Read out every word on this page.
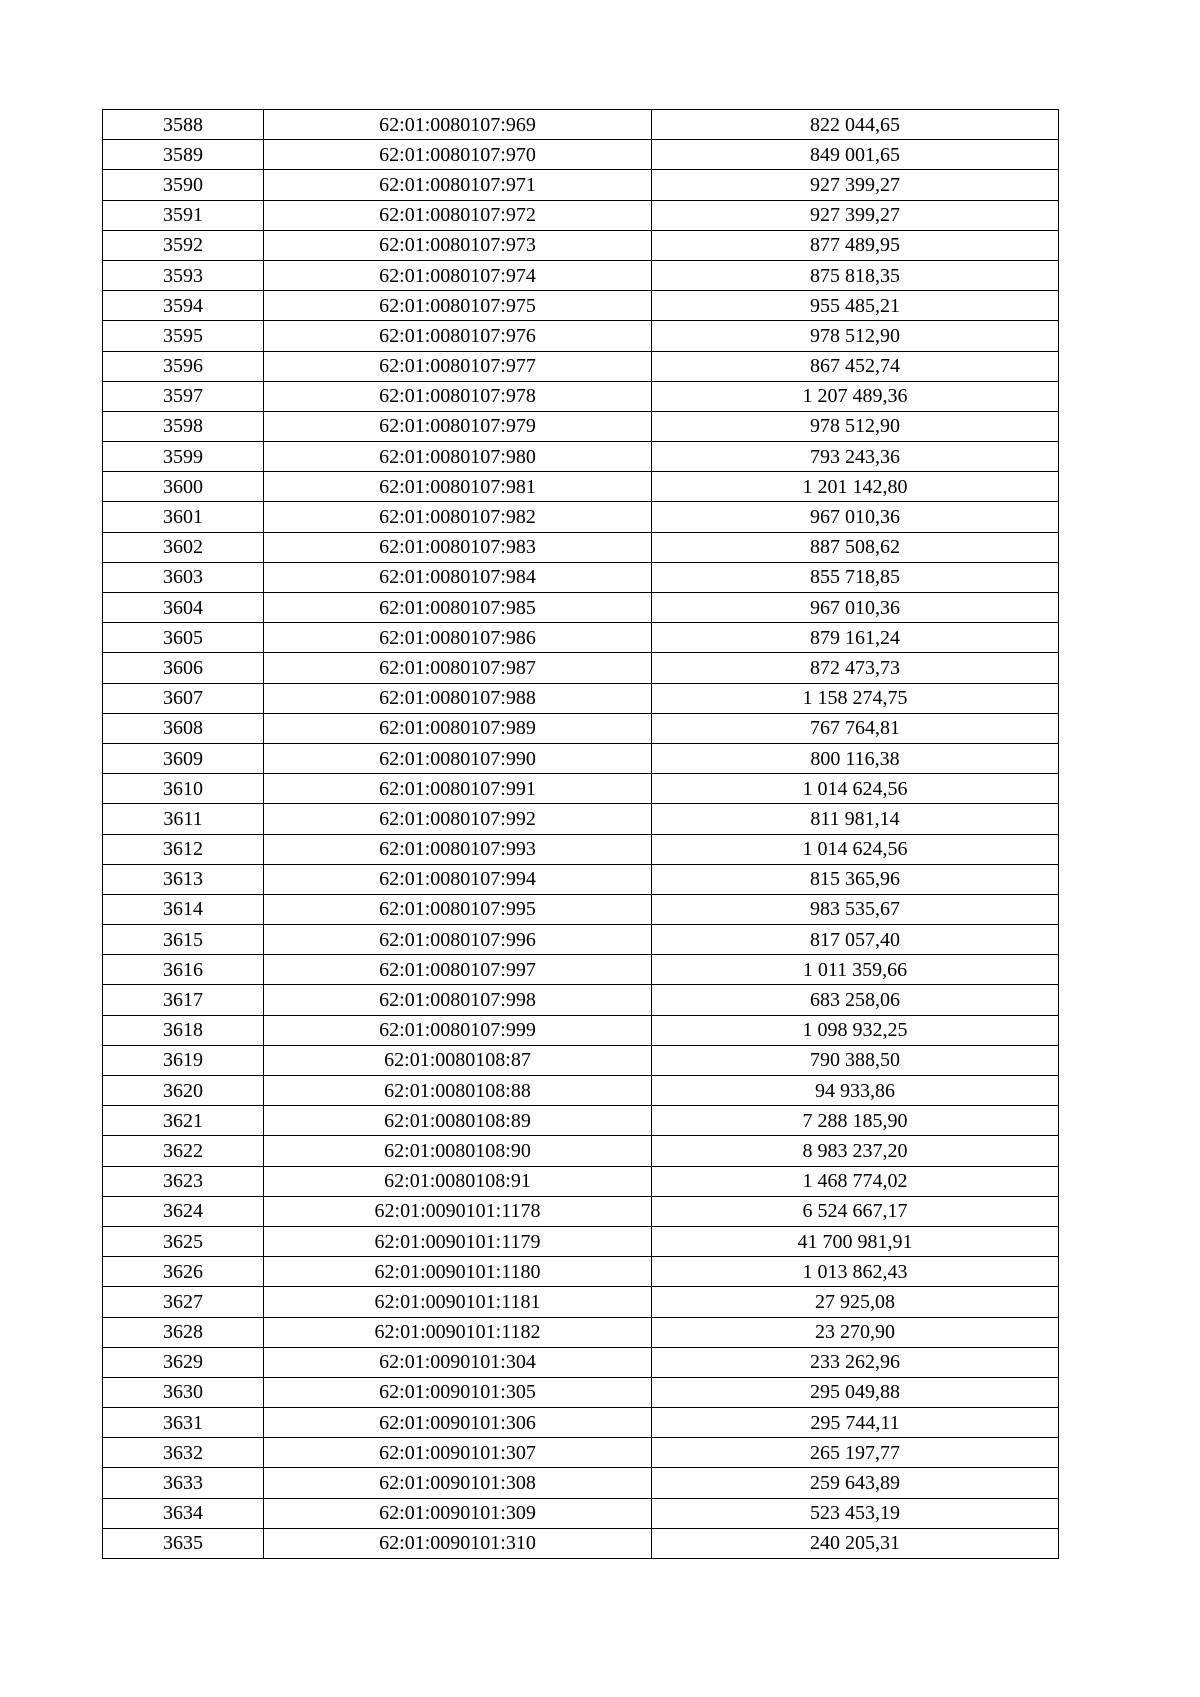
3588	62:01:0080107:969	822 044,65
3589	62:01:0080107:970	849 001,65
3590	62:01:0080107:971	927 399,27
3591	62:01:0080107:972	927 399,27
3592	62:01:0080107:973	877 489,95
3593	62:01:0080107:974	875 818,35
3594	62:01:0080107:975	955 485,21
3595	62:01:0080107:976	978 512,90
3596	62:01:0080107:977	867 452,74
3597	62:01:0080107:978	1 207 489,36
3598	62:01:0080107:979	978 512,90
3599	62:01:0080107:980	793 243,36
3600	62:01:0080107:981	1 201 142,80
3601	62:01:0080107:982	967 010,36
3602	62:01:0080107:983	887 508,62
3603	62:01:0080107:984	855 718,85
3604	62:01:0080107:985	967 010,36
3605	62:01:0080107:986	879 161,24
3606	62:01:0080107:987	872 473,73
3607	62:01:0080107:988	1 158 274,75
3608	62:01:0080107:989	767 764,81
3609	62:01:0080107:990	800 116,38
3610	62:01:0080107:991	1 014 624,56
3611	62:01:0080107:992	811 981,14
3612	62:01:0080107:993	1 014 624,56
3613	62:01:0080107:994	815 365,96
3614	62:01:0080107:995	983 535,67
3615	62:01:0080107:996	817 057,40
3616	62:01:0080107:997	1 011 359,66
3617	62:01:0080107:998	683 258,06
3618	62:01:0080107:999	1 098 932,25
3619	62:01:0080108:87	790 388,50
3620	62:01:0080108:88	94 933,86
3621	62:01:0080108:89	7 288 185,90
3622	62:01:0080108:90	8 983 237,20
3623	62:01:0080108:91	1 468 774,02
3624	62:01:0090101:1178	6 524 667,17
3625	62:01:0090101:1179	41 700 981,91
3626	62:01:0090101:1180	1 013 862,43
3627	62:01:0090101:1181	27 925,08
3628	62:01:0090101:1182	23 270,90
3629	62:01:0090101:304	233 262,96
3630	62:01:0090101:305	295 049,88
3631	62:01:0090101:306	295 744,11
3632	62:01:0090101:307	265 197,77
3633	62:01:0090101:308	259 643,89
3634	62:01:0090101:309	523 453,19
3635	62:01:0090101:310	240 205,31
